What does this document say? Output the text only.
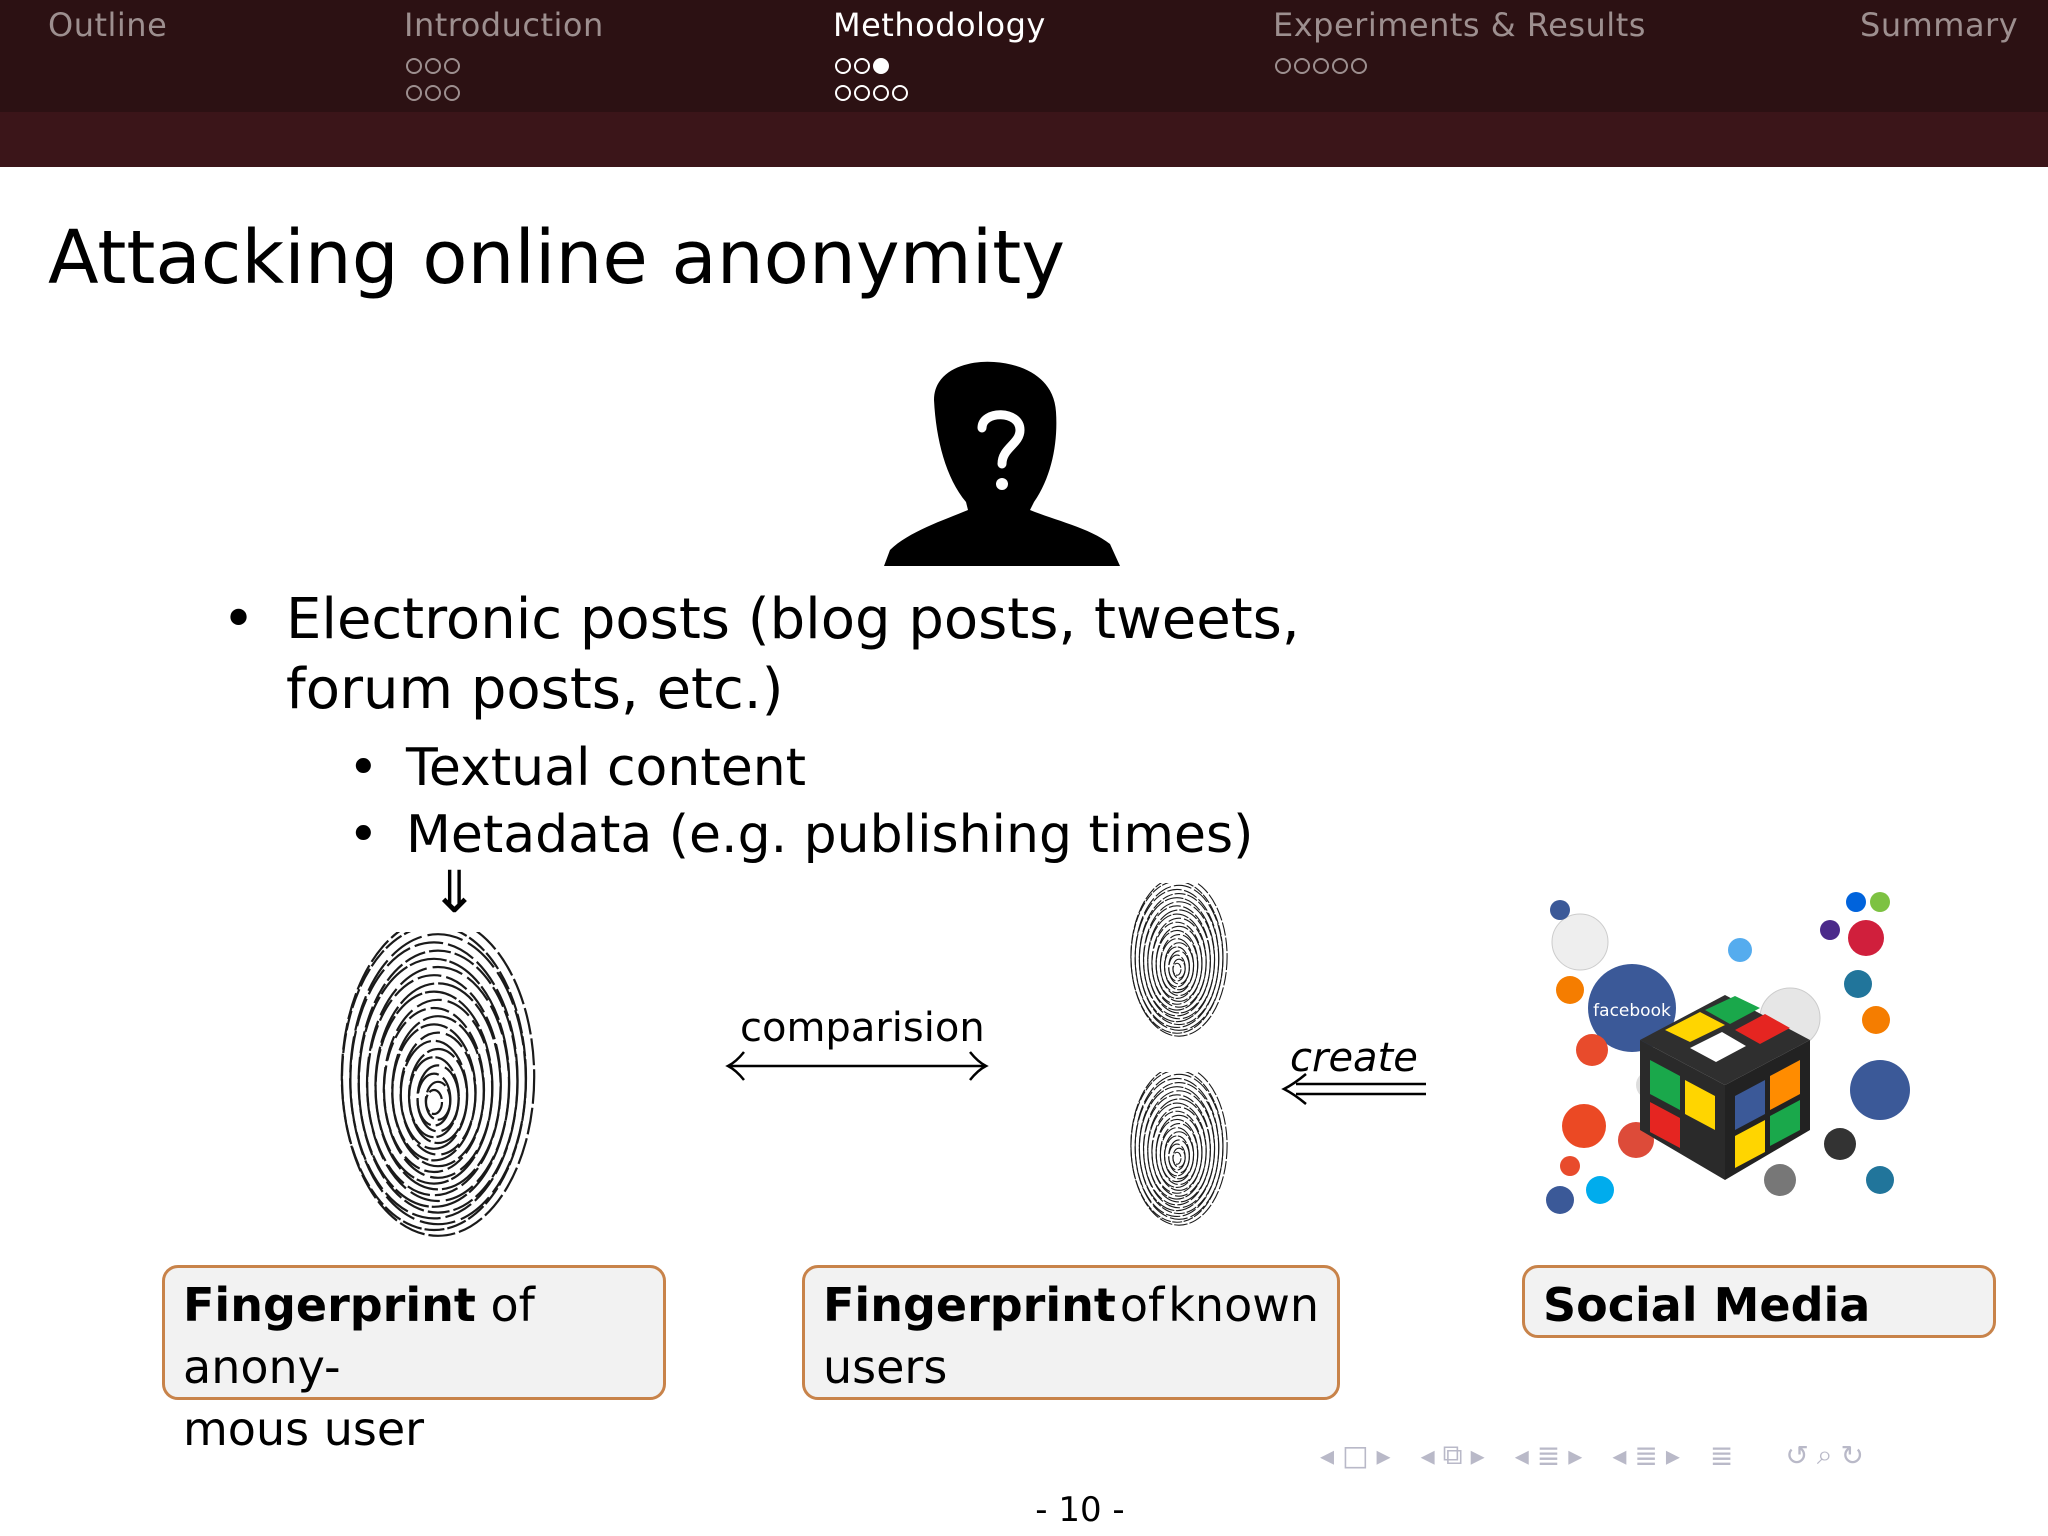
Outline	Introduction	Methodology	Experiments & Results	Summary
Attacking online anonymity
• Electronic posts (blog posts, tweets, forum posts, etc.)
• Textual content
• Metadata (e.g. publishing times)
⇓
comparision
create
facebook
Fingerprint of anony-
mous user
Fingerprint of known
users
Social Media
◂ □ ▸ ◂ ⧉ ▸ ◂ ≣ ▸ ◂ ≣ ▸ ≣ ↺ ⌕ ↻
- 10 -
